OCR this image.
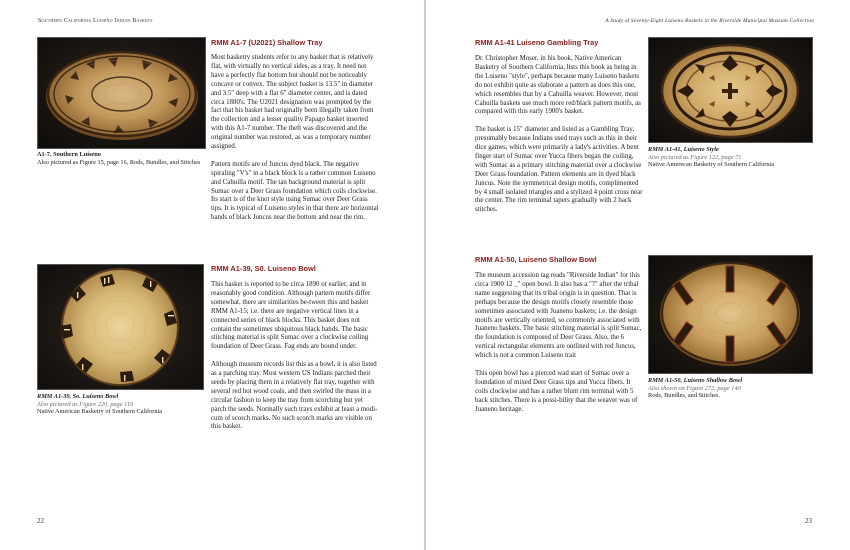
Southern California Luiseño Indian Baskets
A1-7, Southern Luiseno
Also pictured as Figure 15, page 16, Rods, Bundles, and Stitches
RMM A1-7 (U2021) Shallow Tray

Most basketry students refer to any basket that is relatively flat, with virtually no vertical sides, as a tray. It need not have a perfectly flat bottom but should not be noticeably concave or convex. The subject basket is 13.5" in diameter and 3.5" deep with a flat 6" diameter center, and is dated circa 1880's. The U2021 designation was prompted by the fact that his basket had originally been illegally taken from the collection and a lesser quality Papago basket inserted with this A1-7 number. The theft was discovered and the original number was restored, as was a temporary number assigned.

Pattern motifs are of Juncus dyed black. The negative spiraling "V's" in a black block is a rather common Luiseno and Cahuilla motif. The tan background material is split Sumac over a Deer Grass foundation which coils clockwise. Its start is of the knot style using Sumac over Deer Grass tips. It is typical of Luiseno styles in that there are horizontal bands of black Juncus near the bottom and near the rim.

RMM A1-39, So. Luiseno Bowl
Also pictured as Figure 220, page 119
Native American Basketry of Southern California
RMM A1-39, S0. Luiseno Bowl

This basket is reported to be circa 1890 or earlier, and in reasonably good condition. Although pattern motifs differ somewhat, there are similarities be-tween this and basket RMM A1-15; i.e. there are negative vertical lines in a connected series of black blocks. This basket does not contain the sometimes ubiquitous black bands. The basic stitching material is split Sumac over a clockwise coiling foundation of Deer Grass. Fag ends are bound under.

Although museum records list this as a bowl, it is also listed as a parching tray. Most western US Indians parched their seeds by placing them in a relatively flat tray, together with several red hot wood coals, and then swirled the mass in a circular fashion to keep the tray from scorching but yet parch the seeds. Normally such trays exhibit at least a modi-cum of scorch marks. No such scorch marks are visible on this basket.

22
A Study of Seventy-Eight Luiseno Baskets in the Riverside Municipal Museum Collection
RMM A1-41 Luiseno Gambling Tray

Dr. Christopher Moser, in his book, Native American Basketry of Southern California, lists this book as being in the Luiseno "style", perhaps because many Luiseno baskets do not exhibit quite as elaborate a pattern as does this one, which resembles that by a Cahuilla weaver. However, most Cahuilla baskets use much more red/black pattern motifs, as compared with this early 1900's basket.

The basket is 15" diameter and listed as a Gambling Tray, presumably because Indians used trays such as this in their dice games, which were primarily a lady's activities. A bent finger start of Sumac over Yucca fibers began the coiling, with Sumac as a primary stitching material over a clockwise Deer Grass foundation. Pattern elements are in dyed black Juncus. Note the symmetrical design motifs, complimented by 4 small isolated triangles and a stylized 4 point cross near the center. The rim terminal tapers gradually with 2 back stitches.

RMM A1-41, Luiseno Style
Also pictured as Figure 122, page 71
Native Amerecan Basketry of Southern California
RMM A1-50, Luiseno Shallow Bowl

The museum accession tag reads "Riverside Indian" for this circa 1900 12 _" open bowl. It also has a "?" after the tribal name suggesting that its tribal origin is in question. That is perhaps because the design motifs closely resemble those sometimes associated with Juaneno baskets; i.e. the design motifs are vertically oriented, so commonly associated with Juaneno baskets. The basic stitching material is split Sumac, the foundation is composed of Deer Grass. Also, the 6 vertical rectangular elements are outlined with red Juncus, which is not a common Luiseno trait

This open bowl has a pierced wad start of Sumac over a foundation of mixed Deer Grass tips and Yucca fibers. It coils clockwise and has a rather blunt rim terminal with 5 back stitches. There is a possi-bility that the weaver was of Juaneno heritage.

RMM A1-50, Luiseno Shallow Bowl
Also shown on Figure 272, page 140
Rods, Bundles, and Stitches.
23
